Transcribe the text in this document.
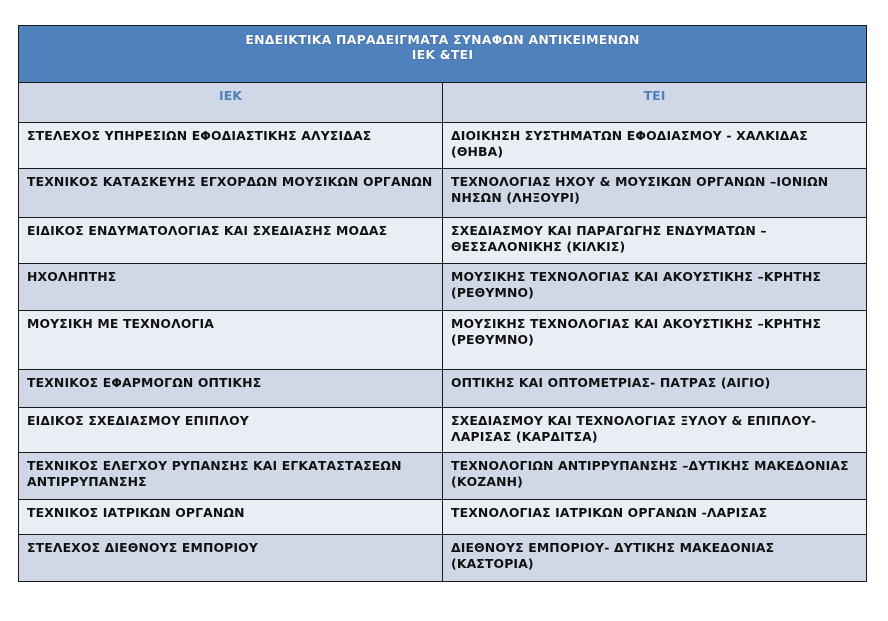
ΕΝΔΕΙΚΤΙΚΑ ΠΑΡΑΔΕΙΓΜΑΤΑ ΣΥΝΑΦΩΝ ΑΝΤΙΚΕΙΜΕΝΩΝ
ΙΕΚ &ΤΕΙ	

ΙΕΚ	ΤΕΙ
ΣΤΕΛΕΧΟΣ ΥΠΗΡΕΣΙΩΝ ΕΦΟΔΙΑΣΤΙΚΗΣ ΑΛΥΣΙΔΑΣ	ΔΙΟΙΚΗΣΗ ΣΥΣΤΗΜΑΤΩΝ ΕΦΟΔΙΑΣΜΟΥ - ΧΑΛΚΙΔΑΣ (ΘΗΒΑ)
ΤΕΧΝΙΚΟΣ ΚΑΤΑΣΚΕΥΗΣ ΕΓΧΟΡΔΩΝ ΜΟΥΣΙΚΩΝ ΟΡΓΑΝΩΝ	ΤΕΧΝΟΛΟΓΙΑΣ ΗΧΟΥ & ΜΟΥΣΙΚΩΝ ΟΡΓΑΝΩΝ –ΙΟΝΙΩΝ ΝΗΣΩΝ (ΛΗΞΟΥΡΙ)
ΕΙΔΙΚΟΣ ΕΝΔΥΜΑΤΟΛΟΓΙΑΣ ΚΑΙ ΣΧΕΔΙΑΣΗΣ ΜΟΔΑΣ	ΣΧΕΔΙΑΣΜΟΥ ΚΑΙ ΠΑΡΑΓΩΓΗΣ ΕΝΔΥΜΑΤΩΝ – ΘΕΣΣΑΛΟΝΙΚΗΣ (ΚΙΛΚΙΣ)
ΗΧΟΛΗΠΤΗΣ	ΜΟΥΣΙΚΗΣ ΤΕΧΝΟΛΟΓΙΑΣ ΚΑΙ ΑΚΟΥΣΤΙΚΗΣ –ΚΡΗΤΗΣ (ΡΕΘΥΜΝΟ)
ΜΟΥΣΙΚΗ ΜΕ ΤΕΧΝΟΛΟΓΙΑ	ΜΟΥΣΙΚΗΣ ΤΕΧΝΟΛΟΓΙΑΣ ΚΑΙ ΑΚΟΥΣΤΙΚΗΣ –ΚΡΗΤΗΣ (ΡΕΘΥΜΝΟ)
ΤΕΧΝΙΚΟΣ ΕΦΑΡΜΟΓΩΝ ΟΠΤΙΚΗΣ	ΟΠΤΙΚΗΣ ΚΑΙ ΟΠΤΟΜΕΤΡΙΑΣ- ΠΑΤΡΑΣ (ΑΙΓΙΟ)
ΕΙΔΙΚΟΣ ΣΧΕΔΙΑΣΜΟΥ ΕΠΙΠΛΟΥ	ΣΧΕΔΙΑΣΜΟΥ ΚΑΙ ΤΕΧΝΟΛΟΓΙΑΣ ΞΥΛΟΥ & ΕΠΙΠΛΟΥ- ΛΑΡΙΣΑΣ (ΚΑΡΔΙΤΣΑ)
ΤΕΧΝΙΚΟΣ ΕΛΕΓΧΟΥ ΡΥΠΑΝΣΗΣ ΚΑΙ ΕΓΚΑΤΑΣΤΑΣΕΩΝ ΑΝΤΙΡΡΥΠΑΝΣΗΣ	ΤΕΧΝΟΛΟΓΙΩΝ ΑΝΤΙΡΡΥΠΑΝΣΗΣ –ΔΥΤΙΚΗΣ ΜΑΚΕΔΟΝΙΑΣ (ΚΟΖΑΝΗ)
ΤΕΧΝΙΚΟΣ ΙΑΤΡΙΚΩΝ ΟΡΓΑΝΩΝ	ΤΕΧΝΟΛΟΓΙΑΣ ΙΑΤΡΙΚΩΝ ΟΡΓΑΝΩΝ -ΛΑΡΙΣΑΣ
ΣΤΕΛΕΧΟΣ ΔΙΕΘΝΟΥΣ ΕΜΠΟΡΙΟΥ	ΔΙΕΘΝΟΥΣ ΕΜΠΟΡΙΟΥ- ΔΥΤΙΚΗΣ ΜΑΚΕΔΟΝΙΑΣ (ΚΑΣΤΟΡΙΑ)
